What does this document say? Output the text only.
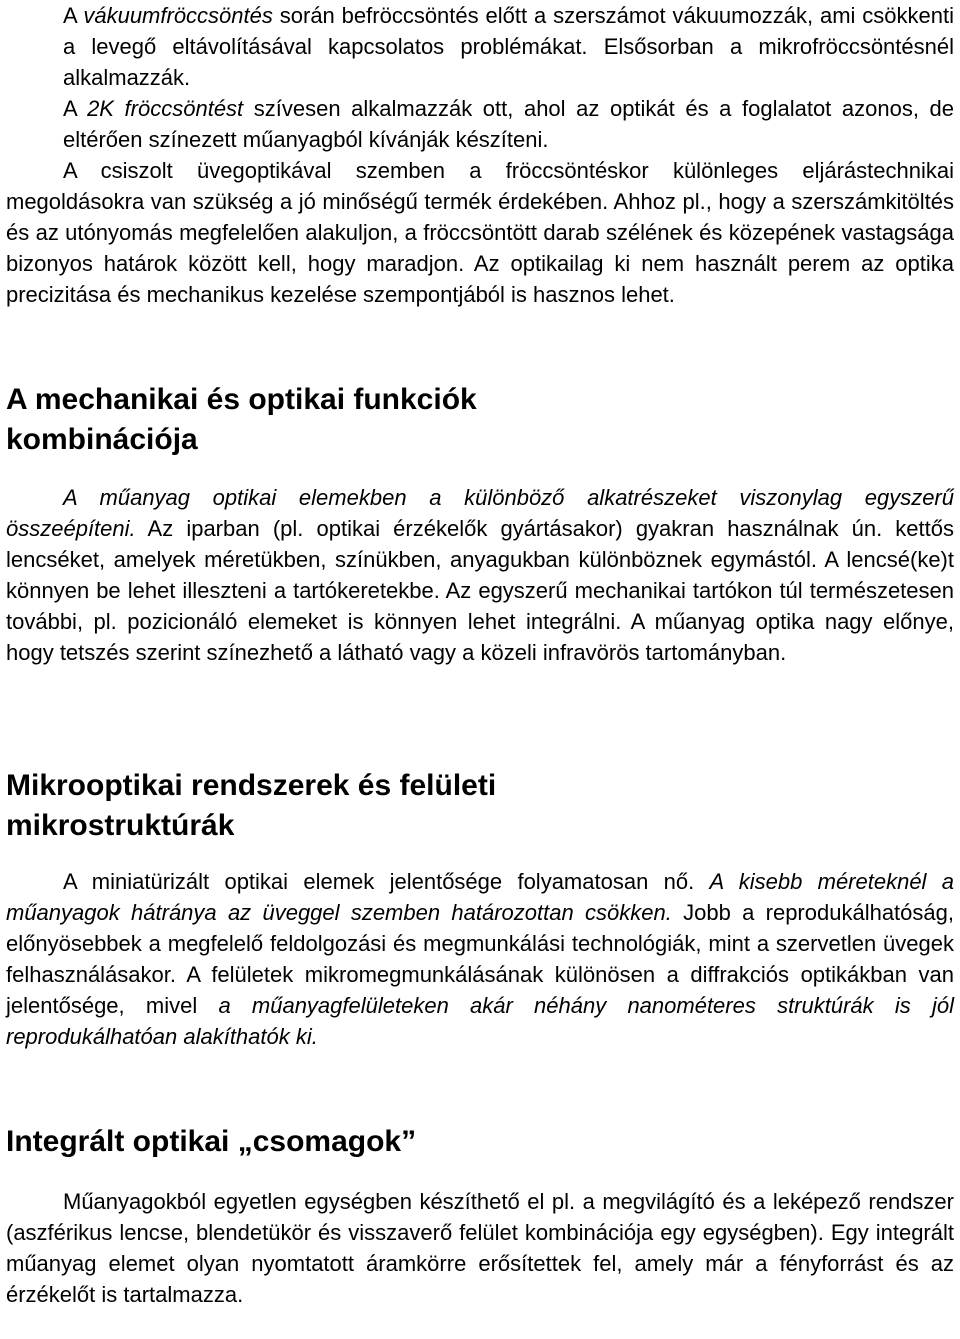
A vákuumfröccsöntés során befröccsöntés előtt a szerszámot vákuumozzák, ami csökkenti a levegő eltávolításával kapcsolatos problémákat. Elsősorban a mikrofröccsöntésnél alkalmazzák.

A 2K fröccsöntést szívesen alkalmazzák ott, ahol az optikát és a foglalatot azonos, de eltérően színezett műanyagból kívánják készíteni.

A csiszolt üvegoptikával szemben a fröccsöntéskor különleges eljárástechnikai megoldásokra van szükség a jó minőségű termék érdekében. Ahhoz pl., hogy a szerszámkitöltés és az utónyomás megfelelően alakuljon, a fröccsöntött darab szélének és közepének vastagsága bizonyos határok között kell, hogy maradjon. Az optikailag ki nem használt perem az optika precizitása és mechanikus kezelése szempontjából is hasznos lehet.

A mechanikai és optikai funkciók
kombinációja

A műanyag optikai elemekben a különböző alkatrészeket viszonylag egyszerű összeépíteni. Az iparban (pl. optikai érzékelők gyártásakor) gyakran használnak ún. kettős lencséket, amelyek méretükben, színükben, anyagukban különböznek egymástól. A lencsé(ke)t könnyen be lehet illeszteni a tartókeretekbe. Az egyszerű mechanikai tartókon túl természetesen további, pl. pozicionáló elemeket is könnyen lehet integrálni. A műanyag optika nagy előnye, hogy tetszés szerint színezhető a látható vagy a közeli infravörös tartományban.

Mikrooptikai rendszerek és felületi
mikrostruktúrák

A miniatürizált optikai elemek jelentősége folyamatosan nő. A kisebb méreteknél a műanyagok hátránya az üveggel szemben határozottan csökken. Jobb a reprodukálhatóság, előnyösebbek a megfelelő feldolgozási és megmunkálási technológiák, mint a szervetlen üvegek felhasználásakor. A felületek mikromegmunkálásának különösen a diffrakciós optikákban van jelentősége, mivel a műanyagfelületeken akár néhány nanométeres struktúrák is jól reprodukálhatóan alakíthatók ki.

Integrált optikai „csomagok”

Műanyagokból egyetlen egységben készíthető el pl. a megvilágító és a leképező rendszer (aszférikus lencse, blendetükör és visszaverő felület kombinációja egy egységben). Egy integrált műanyag elemet olyan nyomtatott áramkörre erősítettek fel, amely már a fényforrást és az érzékelőt is tartalmazza.
